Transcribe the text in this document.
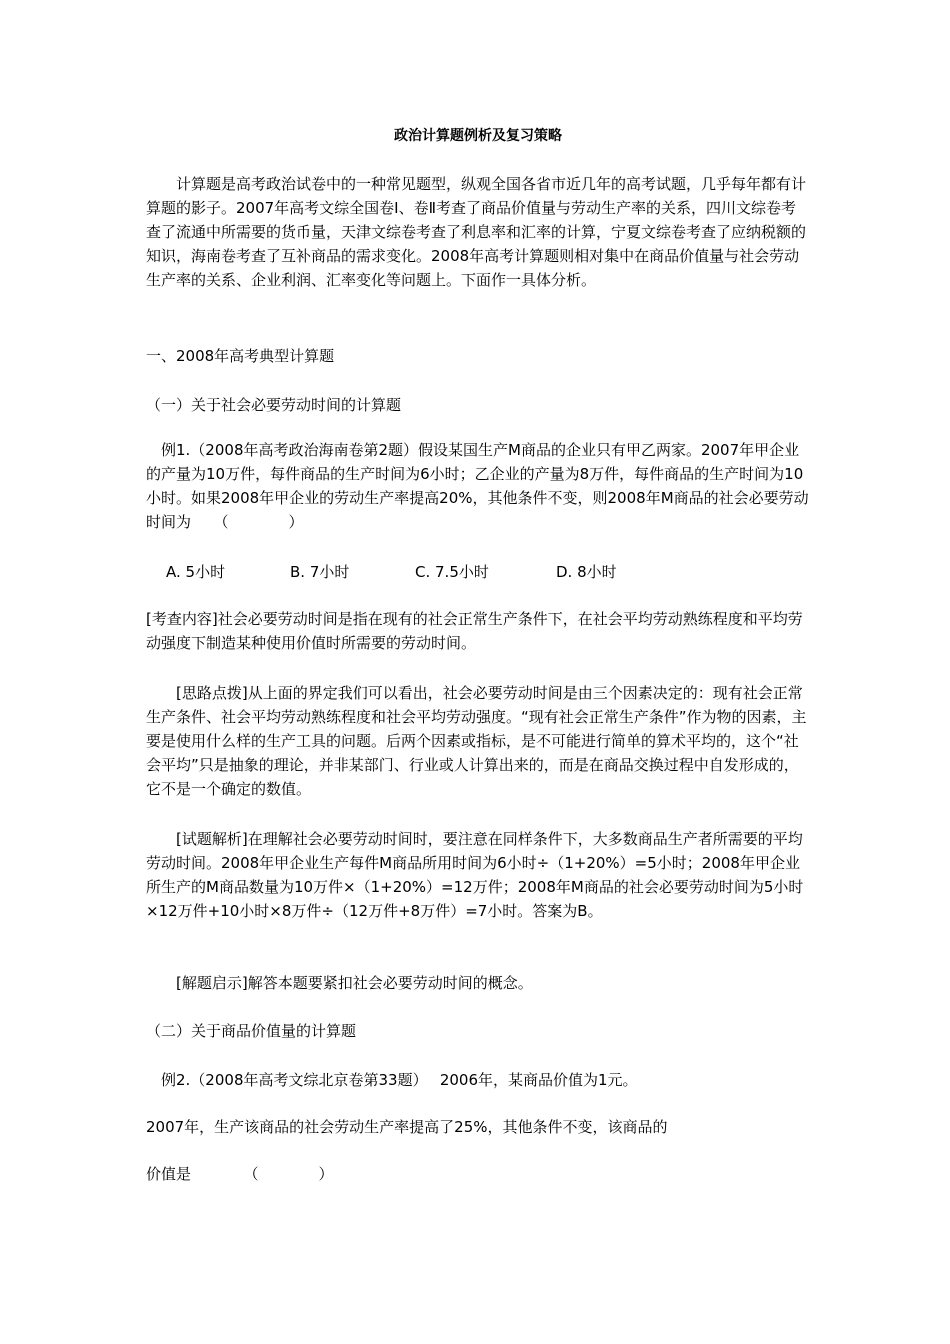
政治计算题例析及复习策略

　　计算题是高考政治试卷中的一种常见题型，纵观全国各省市近几年的高考试题，几乎每年都有计算题的影子。2007年高考文综全国卷Ⅰ、卷Ⅱ考查了商品价值量与劳动生产率的关系，四川文综卷考查了流通中所需要的货币量，天津文综卷考查了利息率和汇率的计算，宁夏文综卷考查了应纳税额的知识，海南卷考查了互补商品的需求变化。2008年高考计算题则相对集中在商品价值量与社会劳动生产率的关系、企业利润、汇率变化等问题上。下面作一具体分析。

一、2008年高考典型计算题

（一）关于社会必要劳动时间的计算题

　例1.（2008年高考政治海南卷第2题）假设某国生产M商品的企业只有甲乙两家。2007年甲企业的产量为10万件，每件商品的生产时间为6小时；乙企业的产量为8万件，每件商品的生产时间为10小时。如果2008年甲企业的劳动生产率提高20%，其他条件不变，则2008年M商品的社会必要劳动时间为　　（　　　　）

A. 5小时	B. 7小时	C. 7.5小时	D. 8小时

[考查内容]社会必要劳动时间是指在现有的社会正常生产条件下，在社会平均劳动熟练程度和平均劳动强度下制造某种使用价值时所需要的劳动时间。

　　[思路点拨]从上面的界定我们可以看出，社会必要劳动时间是由三个因素决定的：现有社会正常生产条件、社会平均劳动熟练程度和社会平均劳动强度。“现有社会正常生产条件”作为物的因素，主要是使用什么样的生产工具的问题。后两个因素或指标，是不可能进行简单的算术平均的，这个“社会平均”只是抽象的理论，并非某部门、行业或人计算出来的，而是在商品交换过程中自发形成的，它不是一个确定的数值。

　　[试题解析]在理解社会必要劳动时间时，要注意在同样条件下，大多数商品生产者所需要的平均劳动时间。2008年甲企业生产每件M商品所用时间为6小时÷（1+20%）=5小时；2008年甲企业所生产的M商品数量为10万件×（1+20%）=12万件；2008年M商品的社会必要劳动时间为5小时×12万件+10小时×8万件÷（12万件+8万件）=7小时。答案为B。

　　[解题启示]解答本题要紧扣社会必要劳动时间的概念。

（二）关于商品价值量的计算题

　例2.（2008年高考文综北京卷第33题）　 2006年，某商品价值为1元。

2007年，生产该商品的社会劳动生产率提高了25%，其他条件不变，该商品的

价值是　　　　（　　　　）
